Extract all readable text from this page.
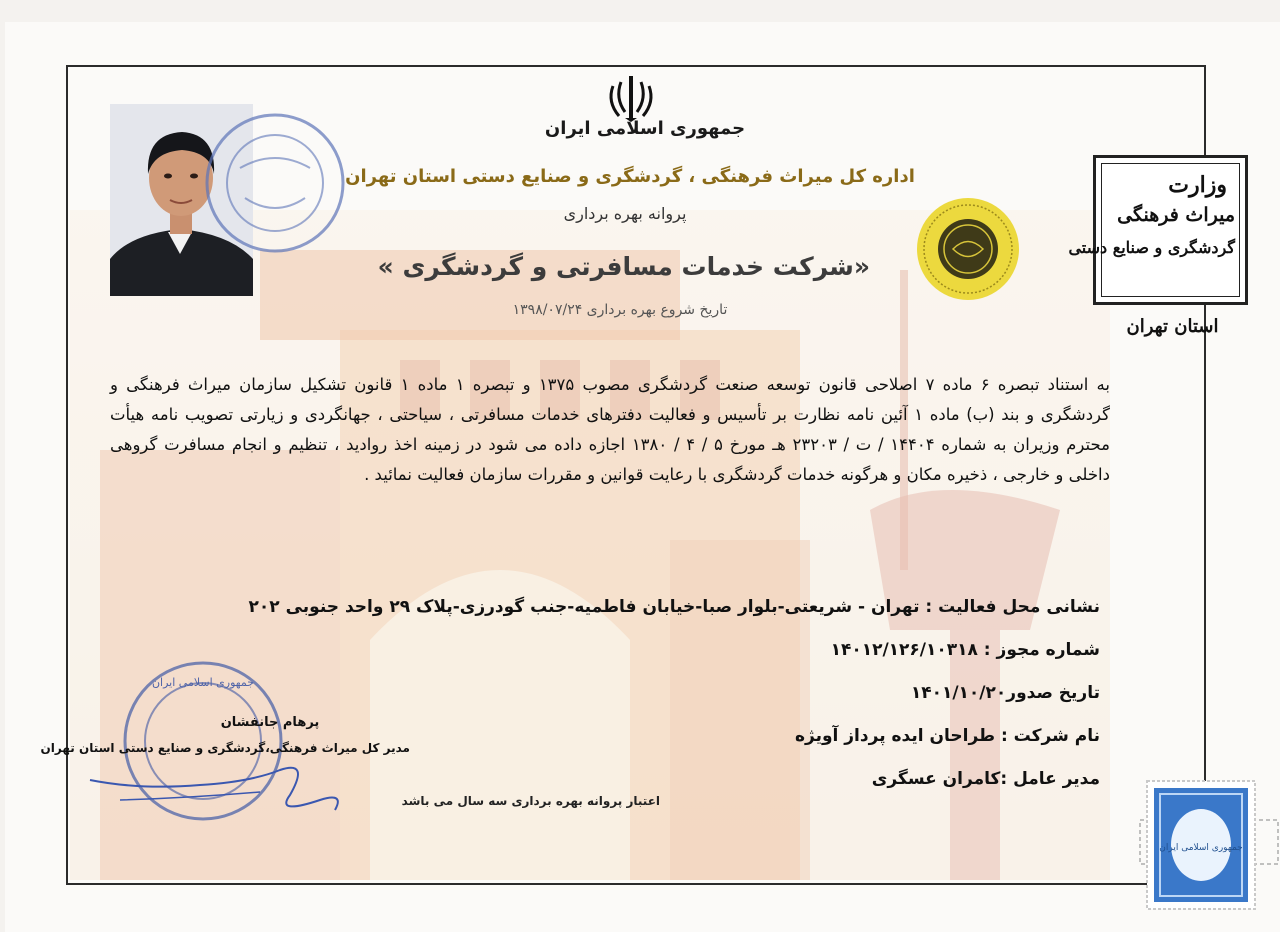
جمهوری اسلامی ایران
اداره کل میراث فرهنگی ، گردشگری و صنایع دستی استان تهران
پروانه بهره برداری
«شرکت خدمات مسافرتی و گردشگری »
تاریخ شروع بهره برداری ۱۳۹۸/۰۷/۲۴
وزارت
میراث فرهنگی
گردشگری و صنایع دستی
استان تهران
به استناد تبصره ۶ ماده ۷ اصلاحی قانون توسعه صنعت گردشگری مصوب ۱۳۷۵ و تبصره ۱ ماده ۱ قانون تشکیل سازمان میراث فرهنگی و گردشگری و بند (ب) ماده ۱ آئین نامه نظارت بر تأسیس و فعالیت دفترهای خدمات مسافرتی ، سیاحتی ، جهانگردی و زیارتی تصویب نامه هیأت محترم وزیران به شماره ۱۴۴۰۴ / ت / ۲۳۲۰۳ هـ مورخ ۵ / ۴ / ۱۳۸۰ اجازه داده می شود در زمینه اخذ روادید ، تنظیم و انجام مسافرت گروهی داخلی و خارجی ، ذخیره مکان و هرگونه خدمات گردشگری با رعایت قوانین و مقررات سازمان فعالیت نمائید .
نشانی محل فعالیت : تهران - شریعتی-بلوار صبا-خیابان فاطمیه-جنب گودرزی-پلاک ۲۹ واحد جنوبی ۲۰۲
شماره مجوز : ۱۴۰۱۲/۱۲۶/۱۰۳۱۸
تاریخ صدور۱۴۰۱/۱۰/۲۰
نام شرکت : طراحان ایده پرداز آویژه
مدیر عامل :کامران عسگری
جمهوری اسلامی ایران
پرهام جانفشان
مدیر کل میراث فرهنگی،گردشگری و صنایع دستی استان تهران
اعتبار پروانه بهره برداری سه سال می باشد
جمهوری اسلامی ایران
